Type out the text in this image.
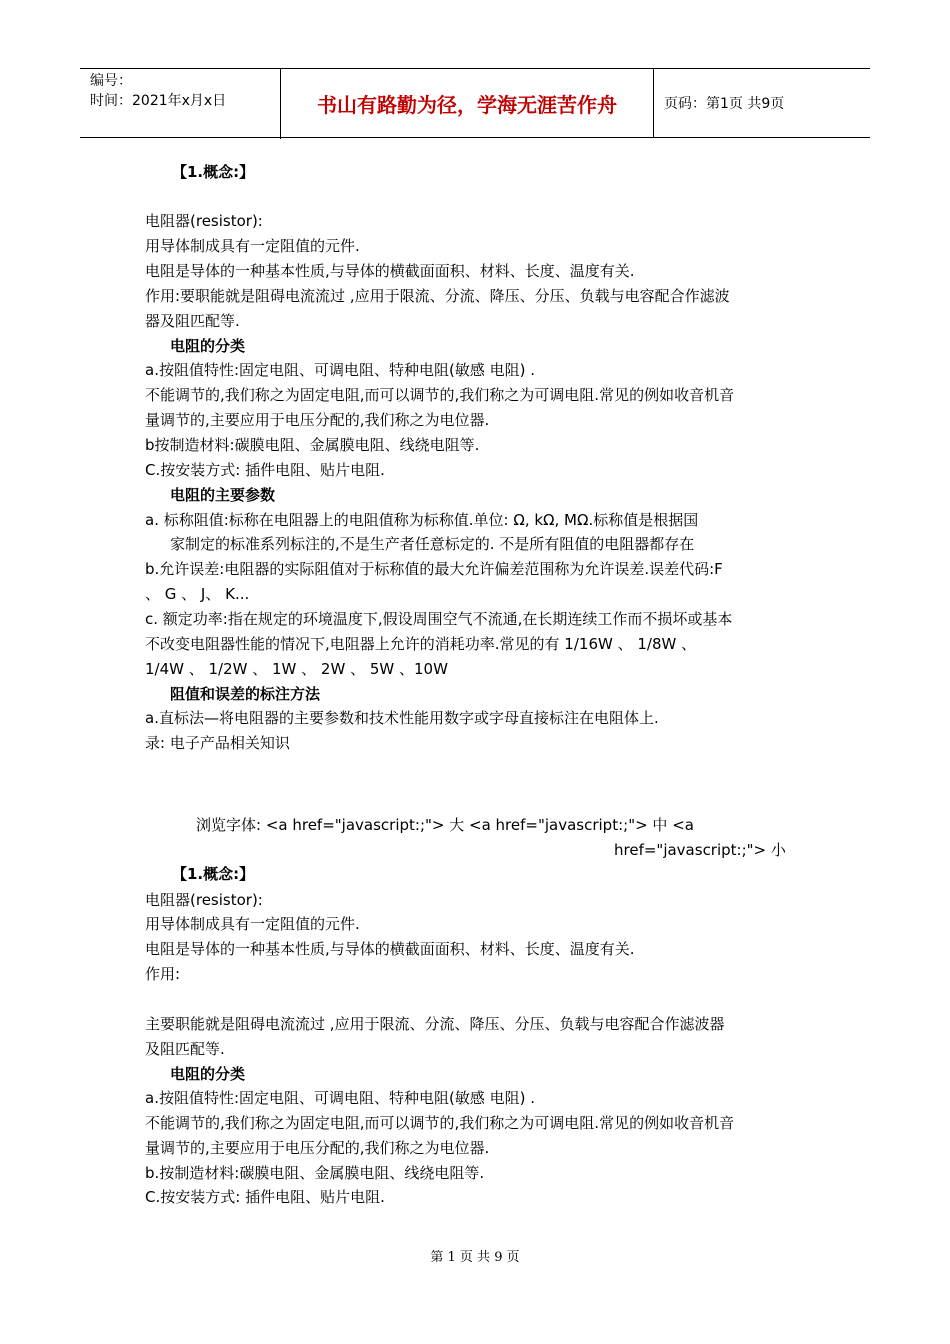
编号：
时间：2021年x月x日	书山有路勤为径，学海无涯苦作舟	页码：第1页 共9页
【1.概念:】
电阻器(resistor):
用导体制成具有一定阻值的元件.
电阻是导体的一种基本性质,与导体的横截面面积、材料、长度、温度有关.
作用:要职能就是阻碍电流流过 ,应用于限流、分流、降压、分压、负载与电容配合作滤波
器及阻匹配等.
电阻的分类
a.按阻值特性:固定电阻、可调电阻、特种电阻(敏感 电阻) .
不能调节的,我们称之为固定电阻,而可以调节的,我们称之为可调电阻.常见的例如收音机音
量调节的,主要应用于电压分配的,我们称之为电位器.
b按制造材料:碳膜电阻、金属膜电阻、线绕电阻等.
C.按安装方式: 插件电阻、贴片电阻.
电阻的主要参数
a. 标称阻值:标称在电阻器上的电阻值称为标称值.单位: Ω, kΩ, MΩ.标称值是根据国
家制定的标准系列标注的,不是生产者任意标定的. 不是所有阻值的电阻器都存在
b.允许误差:电阻器的实际阻值对于标称值的最大允许偏差范围称为允许误差.误差代码:F
、 G 、 J、 K...
c. 额定功率:指在规定的环境温度下,假设周围空气不流通,在长期连续工作而不损坏或基本
不改变电阻器性能的情况下,电阻器上允许的消耗功率.常见的有 1/16W 、 1/8W 、
1/4W 、 1/2W 、 1W 、 2W 、 5W 、10W
阻值和误差的标注方法
a.直标法—将电阻器的主要参数和技术性能用数字或字母直接标注在电阻体上.
录: 电子产品相关知识
浏览字体: <a href="javascript:;"> 大 <a href="javascript:;"> 中 <a
href="javascript:;"> 小
【1.概念:】
电阻器(resistor):
用导体制成具有一定阻值的元件.
电阻是导体的一种基本性质,与导体的横截面面积、材料、长度、温度有关.
作用:
主要职能就是阻碍电流流过 ,应用于限流、分流、降压、分压、负载与电容配合作滤波器
及阻匹配等.
电阻的分类
a.按阻值特性:固定电阻、可调电阻、特种电阻(敏感 电阻) .
不能调节的,我们称之为固定电阻,而可以调节的,我们称之为可调电阻.常见的例如收音机音
量调节的,主要应用于电压分配的,我们称之为电位器.
b.按制造材料:碳膜电阻、金属膜电阻、线绕电阻等.
C.按安装方式: 插件电阻、贴片电阻.
第 1 页 共 9 页
